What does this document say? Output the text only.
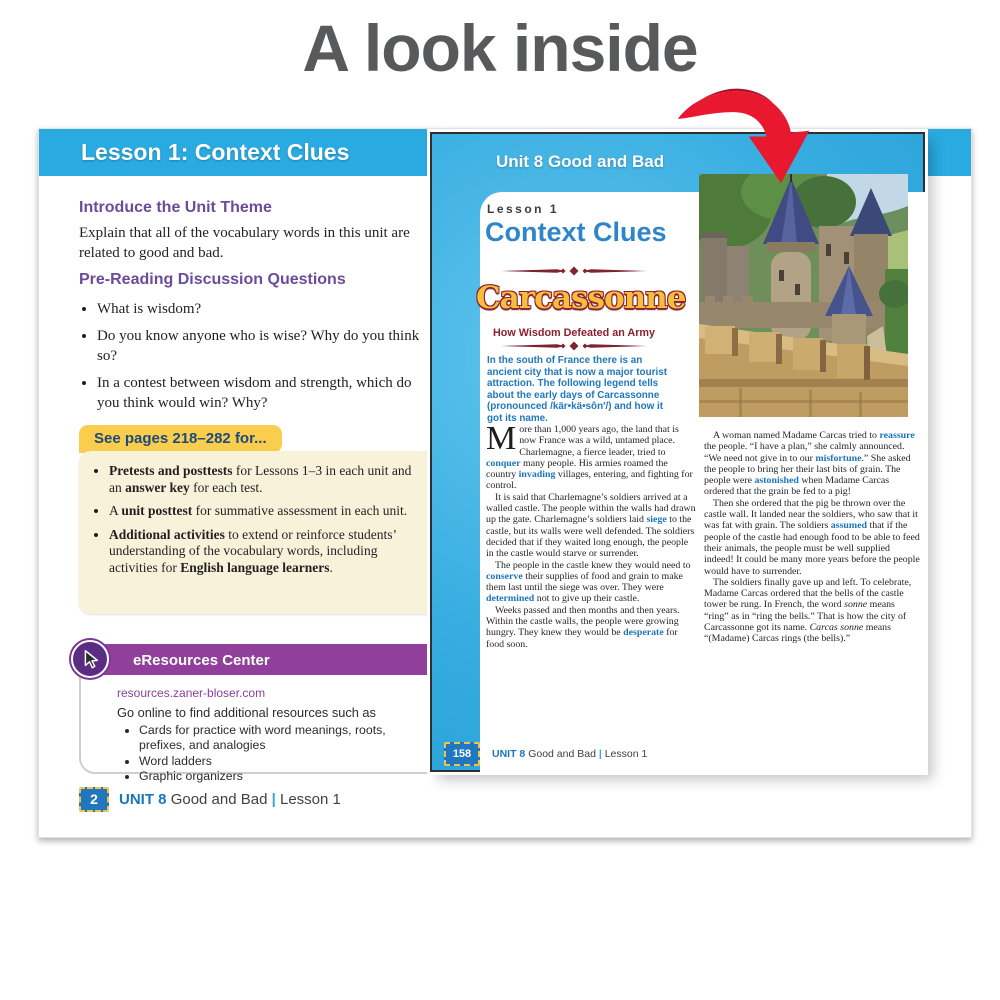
A look inside
Lesson 1: Context Clues
Introduce the Unit Theme
Explain that all of the vocabulary words in this unit are related to good and bad.
Pre-Reading Discussion Questions
• What is wisdom?
• Do you know anyone who is wise? Why do you think so?
• In a contest between wisdom and strength, which do you think would win? Why?
See pages 218–282 for...
• Pretests and posttests for Lessons 1–3 in each unit and an answer key for each test.
• A unit posttest for summative assessment in each unit.
• Additional activities to extend or reinforce students’ understanding of the vocabulary words, including activities for English language learners.
eResources Center
resources.zaner-bloser.com
Go online to find additional resources such as
• Cards for practice with word meanings, roots, prefixes, and analogies
• Word ladders
• Graphic organizers
2	UNIT 8 Good and Bad | Lesson 1
Unit 8 Good and Bad
Lesson 1
Context Clues
Carcassonne
How Wisdom Defeated an Army
In the south of France there is an ancient city that is now a major tourist attraction. The following legend tells about the early days of Carcassonne (pronounced /kär•kä•sôn′/) and how it got its name.

More than 1,000 years ago, the land that is now France was a wild, untamed place. Charlemagne, a fierce leader, tried to conquer many people. His armies roamed the country invading villages, entering, and fighting for control.

It is said that Charlemagne’s soldiers arrived at a walled castle. The people within the walls had drawn up the gate. Charlemagne’s soldiers laid siege to the castle, but its walls were well defended. The soldiers decided that if they waited long enough, the people in the castle would starve or surrender.

The people in the castle knew they would need to conserve their supplies of food and grain to make them last until the siege was over. They were determined not to give up their castle.

Weeks passed and then months and then years. Within the castle walls, the people were growing hungry. They knew they would be desperate for food soon.

A woman named Madame Carcas tried to reassure the people. “I have a plan,” she calmly announced. “We need not give in to our misfortune.” She asked the people to bring her their last bits of grain. The people were astonished when Madame Carcas ordered that the grain be fed to a pig!

Then she ordered that the pig be thrown over the castle wall. It landed near the soldiers, who saw that it was fat with grain. The soldiers assumed that if the people of the castle had enough food to be able to feed their animals, the people must be well supplied indeed! It could be many more years before the people would have to surrender.

The soldiers finally gave up and left. To celebrate, Madame Carcas ordered that the bells of the castle tower be rung. In French, the word sonne means “ring” as in “ring the bells.” That is how the city of Carcassonne got its name. Carcas sonne means “(Madame) Carcas rings (the bells).”

158	UNIT 8 Good and Bad | Lesson 1
